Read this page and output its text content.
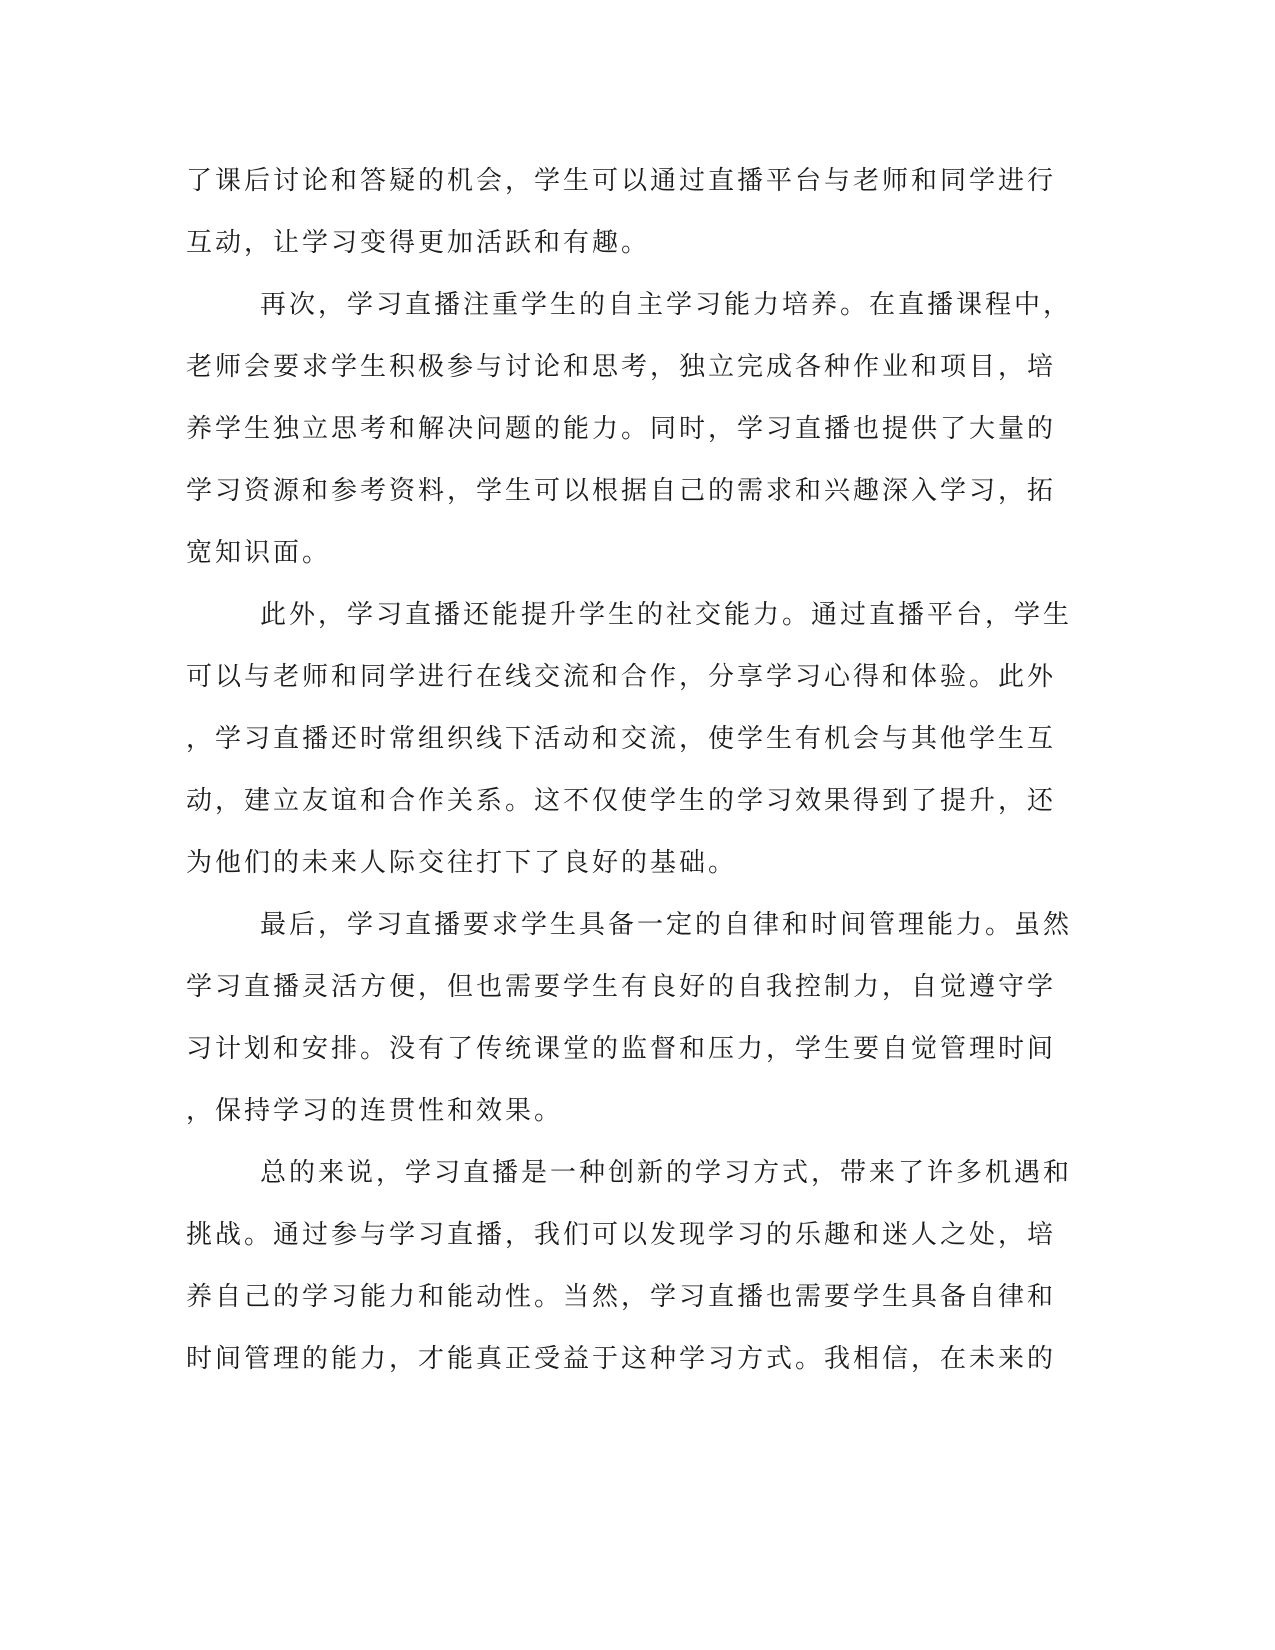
了课后讨论和答疑的机会，学生可以通过直播平台与老师和同学进行
互动，让学习变得更加活跃和有趣。
再次，学习直播注重学生的自主学习能力培养。在直播课程中，
老师会要求学生积极参与讨论和思考，独立完成各种作业和项目，培
养学生独立思考和解决问题的能力。同时，学习直播也提供了大量的
学习资源和参考资料，学生可以根据自己的需求和兴趣深入学习，拓
宽知识面。
此外，学习直播还能提升学生的社交能力。通过直播平台，学生
可以与老师和同学进行在线交流和合作，分享学习心得和体验。此外
，学习直播还时常组织线下活动和交流，使学生有机会与其他学生互
动，建立友谊和合作关系。这不仅使学生的学习效果得到了提升，还
为他们的未来人际交往打下了良好的基础。
最后，学习直播要求学生具备一定的自律和时间管理能力。虽然
学习直播灵活方便，但也需要学生有良好的自我控制力，自觉遵守学
习计划和安排。没有了传统课堂的监督和压力，学生要自觉管理时间
，保持学习的连贯性和效果。
总的来说，学习直播是一种创新的学习方式，带来了许多机遇和
挑战。通过参与学习直播，我们可以发现学习的乐趣和迷人之处，培
养自己的学习能力和能动性。当然，学习直播也需要学生具备自律和
时间管理的能力，才能真正受益于这种学习方式。我相信，在未来的
